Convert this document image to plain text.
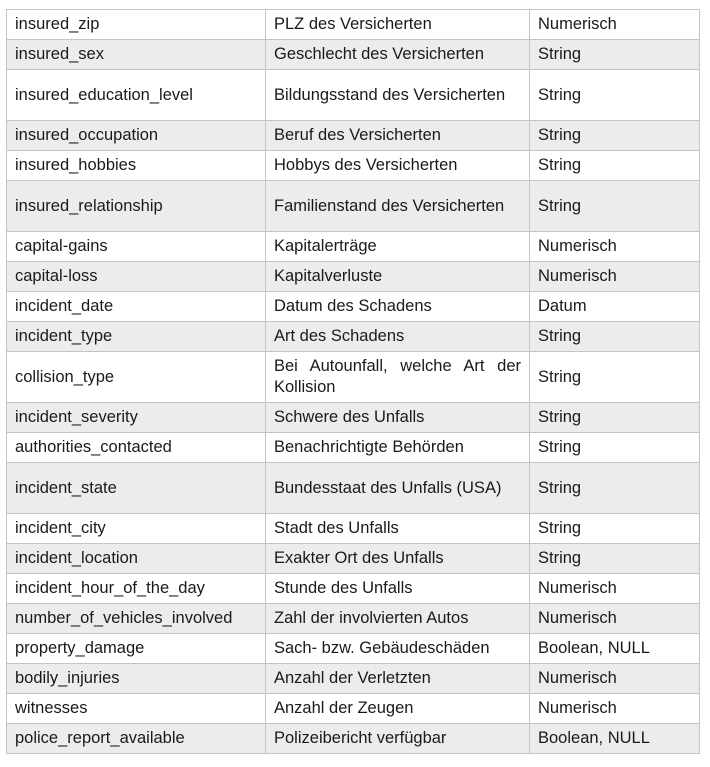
insured_zip	PLZ des Versicherten	Numerisch
insured_sex	Geschlecht des Versicherten	String
insured_education_level	Bildungsstand des Versicherten	String
insured_occupation	Beruf des Versicherten	String
insured_hobbies	Hobbys des Versicherten	String
insured_relationship	Familienstand des Versicherten	String
capital-gains	Kapitalerträge	Numerisch
capital-loss	Kapitalverluste	Numerisch
incident_date	Datum des Schadens	Datum
incident_type	Art des Schadens	String
collision_type	Bei Autounfall, welche Art der Kollision	String
incident_severity	Schwere des Unfalls	String
authorities_contacted	Benachrichtigte Behörden	String
incident_state	Bundesstaat des Unfalls (USA)	String
incident_city	Stadt des Unfalls	String
incident_location	Exakter Ort des Unfalls	String
incident_hour_of_the_day	Stunde des Unfalls	Numerisch
number_of_vehicles_involved	Zahl der involvierten Autos	Numerisch
property_damage	Sach- bzw. Gebäudeschäden	Boolean, NULL
bodily_injuries	Anzahl der Verletzten	Numerisch
witnesses	Anzahl der Zeugen	Numerisch
police_report_available	Polizeibericht verfügbar	Boolean, NULL
